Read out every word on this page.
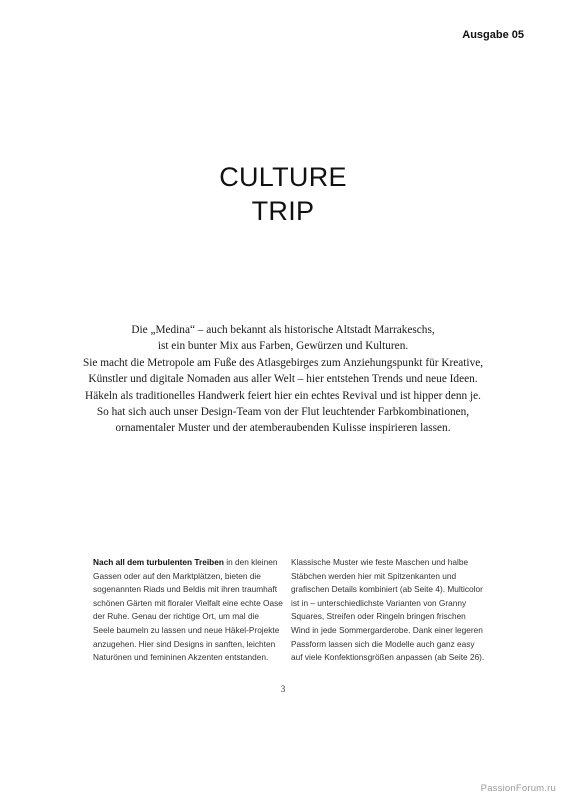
Ausgabe 05
CULTURE
TRIP
Die „Medina“ – auch bekannt als historische Altstadt Marrakeschs,
ist ein bunter Mix aus Farben, Gewürzen und Kulturen.
Sie macht die Metropole am Fuße des Atlasgebirges zum Anziehungspunkt für Kreative,
Künstler und digitale Nomaden aus aller Welt – hier entstehen Trends und neue Ideen.
Häkeln als traditionelles Handwerk feiert hier ein echtes Revival und ist hipper denn je.
So hat sich auch unser Design-Team von der Flut leuchtender Farbkombinationen,
ornamentaler Muster und der atemberaubenden Kulisse inspirieren lassen.
Nach all dem turbulenten Treiben in den kleinen
Gassen oder auf den Marktplätzen, bieten die
sogenannten Riads und Beldis mit ihren traumhaft
schönen Gärten mit floraler Vielfalt eine echte Oase
der Ruhe. Genau der richtige Ort, um mal die
Seele baumeln zu lassen und neue Häkel-Projekte
anzugehen. Hier sind Designs in sanften, leichten
Naturönen und femininen Akzenten entstanden.
Klassische Muster wie feste Maschen und halbe
Stäbchen werden hier mit Spitzenkanten und
grafischen Details kombiniert (ab Seite 4). Multicolor
ist in – unterschiedlichste Varianten von Granny
Squares, Streifen oder Ringeln bringen frischen
Wind in jede Sommergarderobe. Dank einer legeren
Passform lassen sich die Modelle auch ganz easy
auf viele Konfektionsgrößen anpassen (ab Seite 26).
3
PassionForum.ru
